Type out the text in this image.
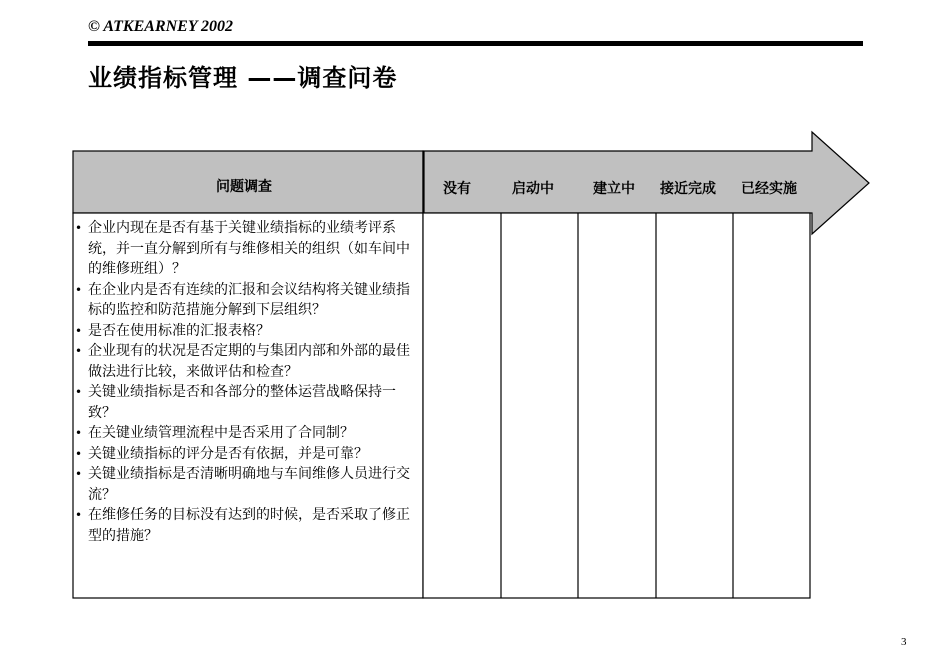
© ATKEARNEY 2002
业绩指标管理 ——调查问卷
问题调查	没有	启动中	建立中 接近完成 已经实施
• 企业内现在是否有基于关键业绩指标的业绩考评系统，并一直分解到所有与维修相关的组织（如车间中的维修班组）？
• 在企业内是否有连续的汇报和会议结构将关键业绩指标的监控和防范措施分解到下层组织？
• 是否在使用标准的汇报表格？
• 企业现有的状况是否定期的与集团内部和外部的最佳做法进行比较，来做评估和检查？
• 关键业绩指标是否和各部分的整体运营战略保持一致？
• 在关键业绩管理流程中是否采用了合同制？
• 关键业绩指标的评分是否有依据，并是可靠？
• 关键业绩指标是否清晰明确地与车间维修人员进行交流？
• 在维修任务的目标没有达到的时候，是否采取了修正型的措施？
3
